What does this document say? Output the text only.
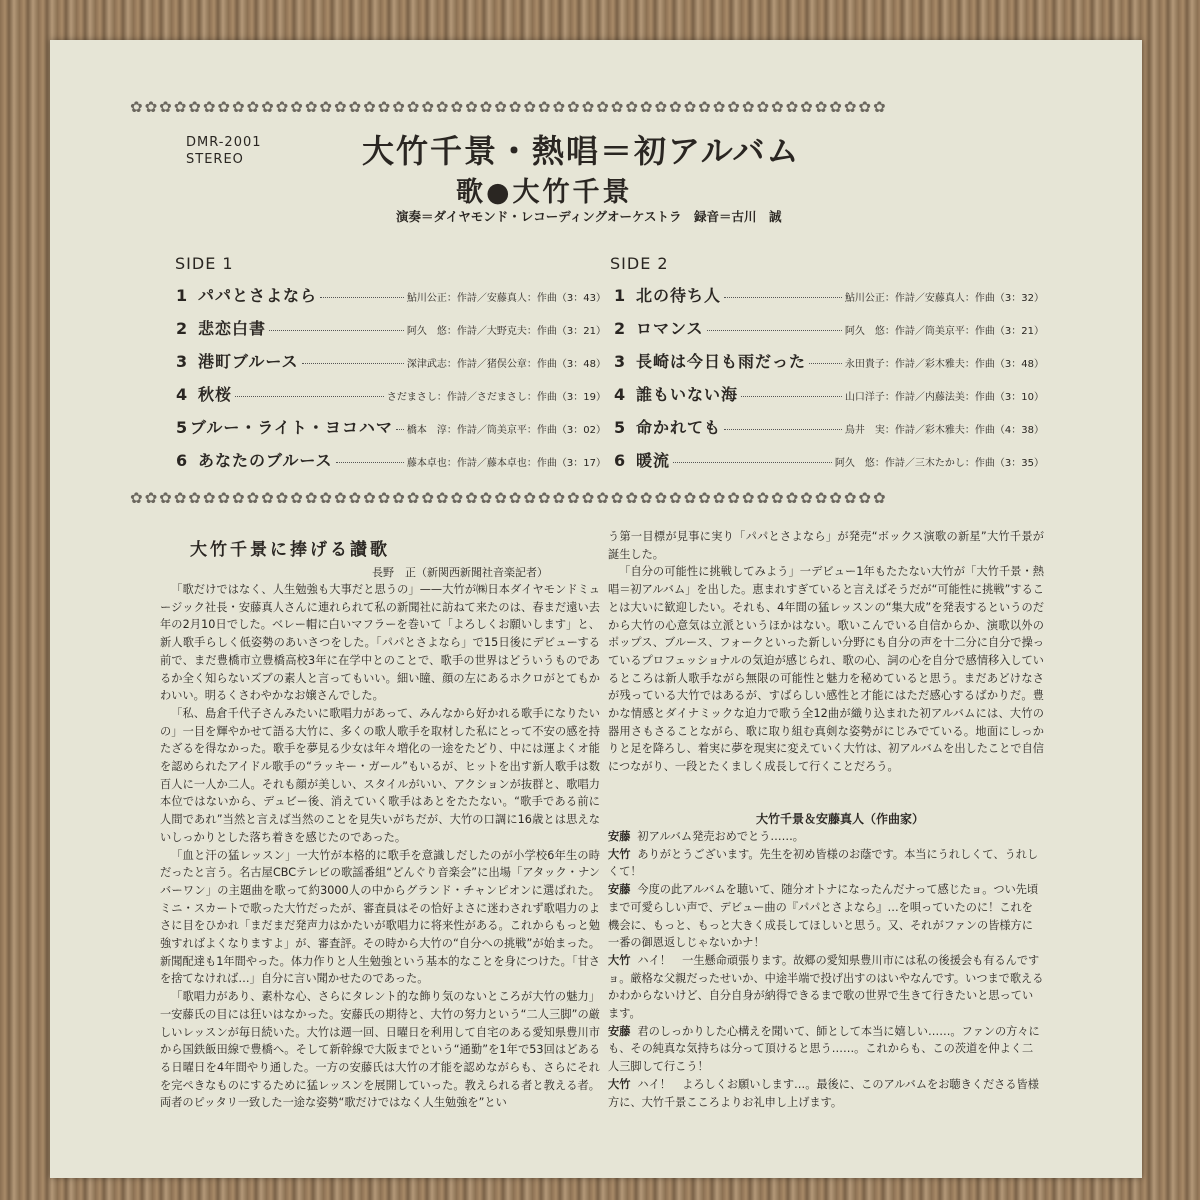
✿✿✿✿✿✿✿✿✿✿✿✿✿✿✿✿✿✿✿✿✿✿✿✿✿✿✿✿✿✿✿✿✿✿✿✿✿✿✿✿✿✿✿✿✿✿✿✿✿✿✿✿
DMR-2001
STEREO	大竹千景・熱唱＝初アルバム
歌●大竹千景
演奏＝ダイヤモンド・レコーディングオーケストラ　録音＝古川　誠
SIDE 1	SIDE 2
1 パパとさよなら	鮎川公正：作詩／安藤真人：作曲（3：43）
2 悲恋白書	阿久　悠：作詩／大野克夫：作曲（3：21）
3 港町ブルース	深津武志：作詩／猪俣公章：作曲（3：48）
4 秋桜	さだまさし：作詩／さだまさし：作曲（3：19）
5 ブルー・ライト・ヨコハマ 橋本　淳：作詩／筒美京平：作曲（3：02）
6 あなたのブルース	藤本卓也：作詩／藤本卓也：作曲（3：17）
1 北の待ち人	鮎川公正：作詩／安藤真人：作曲（3：32）
2 ロマンス	阿久　悠：作詩／筒美京平：作曲（3：21）
3 長崎は今日も雨だった	永田貴子：作詩／彩木雅夫：作曲（3：48）
4 誰もいない海	山口洋子：作詩／内藤法美：作曲（3：10）
5 命かれても	鳥井　実：作詩／彩木雅夫：作曲（4：38）
6 暖流	阿久　悠：作詩／三木たかし：作曲（3：35）
✿✿✿✿✿✿✿✿✿✿✿✿✿✿✿✿✿✿✿✿✿✿✿✿✿✿✿✿✿✿✿✿✿✿✿✿✿✿✿✿✿✿✿✿✿✿✿✿✿✿✿✿
大竹千景に捧げる讃歌
長野　正（新関西新聞社音楽記者）

「歌だけではなく、人生勉強も大事だと思うの」——大竹が㈱日本ダイヤモンドミュージック社長・安藤真人さんに連れられて私の新聞社に訪ねて来たのは、春まだ遠い去年の2月10日でした。ベレー帽に白いマフラーを巻いて「よろしくお願いします」と、新人歌手らしく低姿勢のあいさつをした。「パパとさよなら」で15日後にデビューする前で、まだ豊橋市立豊橋高校3年に在学中とのことで、歌手の世界はどういうものであるか全く知らないズブの素人と言ってもいい。細い瞳、顔の左にあるホクロがとてもかわいい。明るくさわやかなお嬢さんでした。

「私、島倉千代子さんみたいに歌唱力があって、みんなから好かれる歌手になりたいの」一目を輝やかせて語る大竹に、多くの歌人歌手を取材した私にとって不安の感を持たざるを得なかった。歌手を夢見る少女は年々増化の一途をたどり、中には運よくオ能を認められたアイドル歌手の“ラッキー・ガール”もいるが、ヒットを出す新人歌手は数百人に一人か二人。それも顔が美しい、スタイルがいい、アクションが抜群と、歌唱力本位ではないから、デュビー後、消えていく歌手はあとをたたない。“歌手である前に人間であれ”当然と言えば当然のことを見失いがちだが、大竹の口調に16歳とは思えないしっかりとした落ち着きを感じたのであった。

「血と汗の猛レッスン」一大竹が本格的に歌手を意識しだしたのが小学校6年生の時だったと言う。名古屋CBCテレビの歌謡番組“どんぐり音楽会”に出場「アタック・ナンバーワン」の主題曲を歌って約3000人の中からグランド・チャンピオンに選ばれた。ミニ・スカートで歌った大竹だったが、審査員はその恰好よさに迷わされず歌唱力のよさに目をひかれ「まだまだ発声力はかたいが歌唱力に将来性がある。これからもっと勉強すればよくなりますよ」が、審査評。その時から大竹の“自分への挑戦”が始まった。新聞配達も1年間やった。体力作りと人生勉強という基本的なことを身につけた。「甘さを捨てなければ…」自分に言い聞かせたのであった。

「歌唱力があり、素朴な心、さらにタレント的な飾り気のないところが大竹の魅力」一安藤氏の目には狂いはなかった。安藤氏の期待と、大竹の努力という“二人三脚”の厳しいレッスンが毎日続いた。大竹は週一回、日曜日を利用して自宅のある愛知県豊川市から国鉄飯田線で豊橋へ。そして新幹線で大阪までという“通勤”を1年で53回はどあるる日曜日を4年間やり通した。一方の安藤氏は大竹の才能を認めながらも、さらにそれを完ぺきなものにするために猛レッスンを展開していった。教えられる者と教える者。両者のピッタリ一致した一途な姿勢“歌だけではなく人生勉強を”とい

う第一目標が見事に実り「パパとさよなら」が発売“ボックス演歌の新星”大竹千景が誕生した。

「自分の可能性に挑戦してみよう」一デビュー1年もたたない大竹が「大竹千景・熱唱＝初アルバム」を出した。恵まれすぎていると言えばそうだが“可能性に挑戦”することは大いに歓迎したい。それも、4年間の猛レッスンの“集大成”を発表するというのだから大竹の心意気は立派というほかはない。歌いこんでいる自信からか、演歌以外のポップス、ブルース、フォークといった新しい分野にも自分の声を十二分に自分で操っているプロフェッショナルの気迫が感じられ、歌の心、詞の心を自分で感情移入しているところは新人歌手ながら無限の可能性と魅力を秘めていると思う。まだあどけなさが残っている大竹ではあるが、すばらしい感性と才能にはただ感心するばかりだ。豊かな情感とダイナミックな迫力で歌う全12曲が織り込まれた初アルバムには、大竹の器用さもさることながら、歌に取り組む真剣な姿勢がにじみでている。地面にしっかりと足を降ろし、着実に夢を現実に変えていく大竹は、初アルバムを出したことで自信につながり、一段とたくましく成長して行くことだろう。

大竹千景＆安藤真人（作曲家）

安藤 初アルバム発売おめでとう……。

大竹 ありがとうございます。先生を初め皆様のお蔭です。本当にうれしくて、うれしくて！

安藤 今度の此アルバムを聴いて、随分オトナになったんだナって感じたョ。つい先頃まで可愛らしい声で、デビュー曲の『パパとさよなら』…を唄っていたのに！これを機会に、もっと、もっと大きく成長してほしいと思う。又、それがファンの皆様方に一番の御恩返しじゃないかナ！

大竹 ハイ！　一生懸命頑張ります。故郷の愛知県豊川市には私の後援会も有るんですョ。厳格な父親だったせいか、中途半端で投げ出すのはいやなんです。いつまで歌えるかわからないけど、自分自身が納得できるまで歌の世界で生きて行きたいと思っています。

安藤 君のしっかりした心構えを聞いて、師として本当に嬉しい……。ファンの方々にも、その純真な気持ちは分って頂けると思う……。これからも、この茨道を仲よく二人三脚して行こう！

大竹 ハイ！　よろしくお願いします…。最後に、このアルバムをお聴きくださる皆様方に、大竹千景こころよりお礼申し上げます。
